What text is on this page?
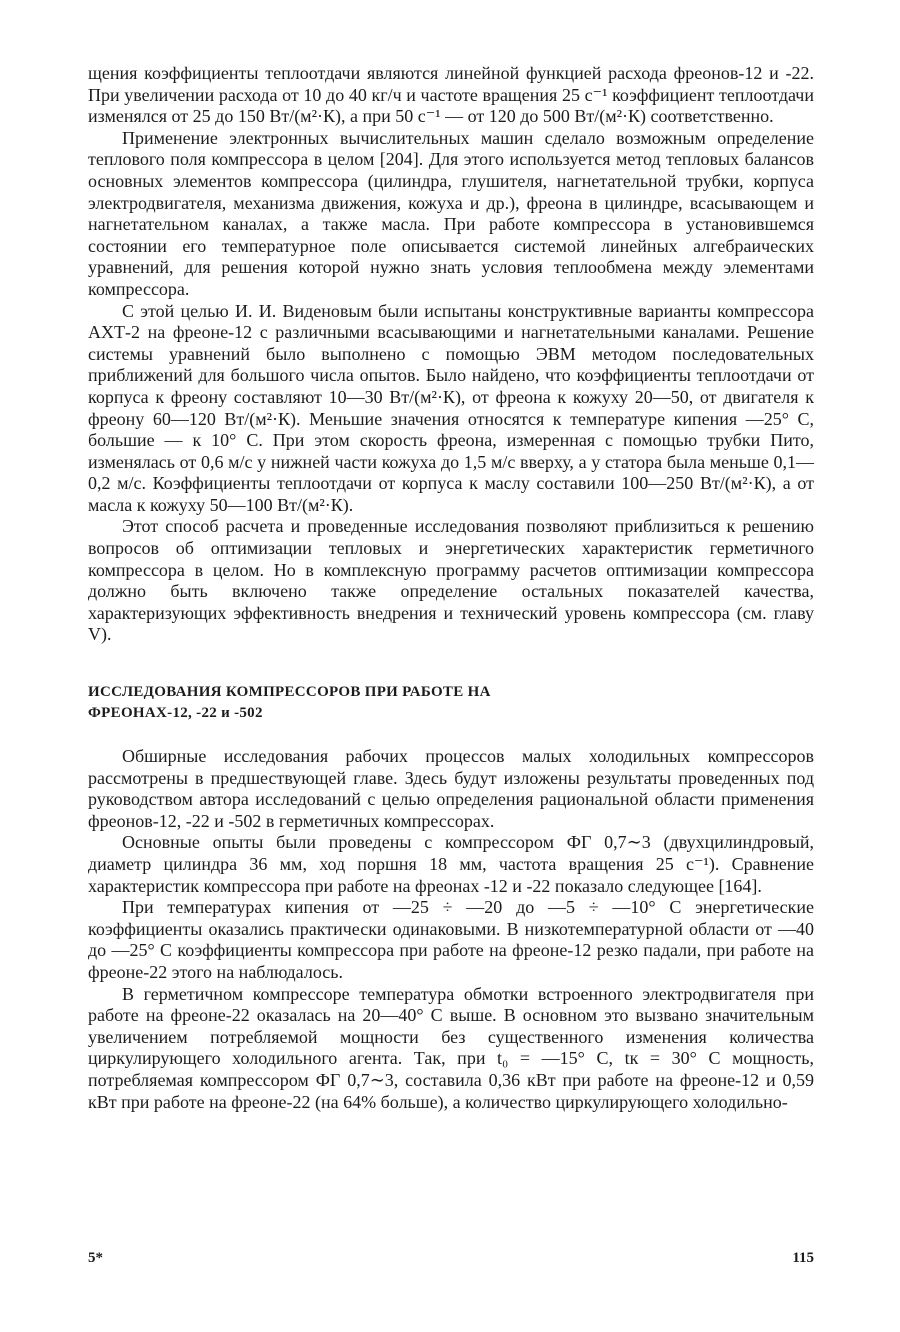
щения коэффициенты теплоотдачи являются линейной функцией расхода фреонов-12 и -22. При увеличении расхода от 10 до 40 кг/ч и частоте вращения 25 с⁻¹ коэффициент теплоотдачи изменялся от 25 до 150 Вт/(м²·К), а при 50 с⁻¹ — от 120 до 500 Вт/(м²·К) соответственно.

Применение электронных вычислительных машин сделало возможным определение теплового поля компрессора в целом [204]. Для этого используется метод тепловых балансов основных элементов компрессора (цилиндра, глушителя, нагнетательной трубки, корпуса электродвигателя, механизма движения, кожуха и др.), фреона в цилиндре, всасывающем и нагнетательном каналах, а также масла. При работе компрессора в установившемся состоянии его температурное поле описывается системой линейных алгебраических уравнений, для решения которой нужно знать условия теплообмена между элементами компрессора.

С этой целью И. И. Виденовым были испытаны конструктивные варианты компрессора АХТ-2 на фреоне-12 с различными всасывающими и нагнетательными каналами. Решение системы уравнений было выполнено с помощью ЭВМ методом последовательных приближений для большого числа опытов. Было найдено, что коэффициенты теплоотдачи от корпуса к фреону составляют 10—30 Вт/(м²·К), от фреона к кожуху 20—50, от двигателя к фреону 60—120 Вт/(м²·К). Меньшие значения относятся к температуре кипения —25° С, большие — к 10° С. При этом скорость фреона, измеренная с помощью трубки Пито, изменялась от 0,6 м/с у нижней части кожуха до 1,5 м/с вверху, а у статора была меньше 0,1—0,2 м/с. Коэффициенты теплоотдачи от корпуса к маслу составили 100—250 Вт/(м²·К), а от масла к кожуху 50—100 Вт/(м²·К).

Этот способ расчета и проведенные исследования позволяют приблизиться к решению вопросов об оптимизации тепловых и энергетических характеристик герметичного компрессора в целом. Но в комплексную программу расчетов оптимизации компрессора должно быть включено также определение остальных показателей качества, характеризующих эффективность внедрения и технический уровень компрессора (см. главу V).

ИССЛЕДОВАНИЯ КОМПРЕССОРОВ ПРИ РАБОТЕ НА
ФРЕОНАХ-12, -22 и -502

Обширные исследования рабочих процессов малых холодильных компрессоров рассмотрены в предшествующей главе. Здесь будут изложены результаты проведенных под руководством автора исследований с целью определения рациональной области применения фреонов-12, -22 и -502 в герметичных компрессорах.

Основные опыты были проведены с компрессором ФГ 0,7∼3 (двухцилиндровый, диаметр цилиндра 36 мм, ход поршня 18 мм, частота вращения 25 с⁻¹). Сравнение характеристик компрессора при работе на фреонах -12 и -22 показало следующее [164].

При температурах кипения от —25 ÷ —20 до —5 ÷ —10° С энергетические коэффициенты оказались практически одинаковыми. В низкотемпературной области от —40 до —25° С коэффициенты компрессора при работе на фреоне-12 резко падали, при работе на фреоне-22 этого на наблюдалось.

В герметичном компрессоре температура обмотки встроенного электродвигателя при работе на фреоне-22 оказалась на 20—40° С выше. В основном это вызвано значительным увеличением потребляемой мощности без существенного изменения количества циркулирующего холодильного агента. Так, при t₀ = —15° С, tк = 30° С мощность, потребляемая компрессором ФГ 0,7∼3, составила 0,36 кВт при работе на фреоне-12 и 0,59 кВт при работе на фреоне-22 (на 64% больше), а количество циркулирующего холодильно-

5*	115
